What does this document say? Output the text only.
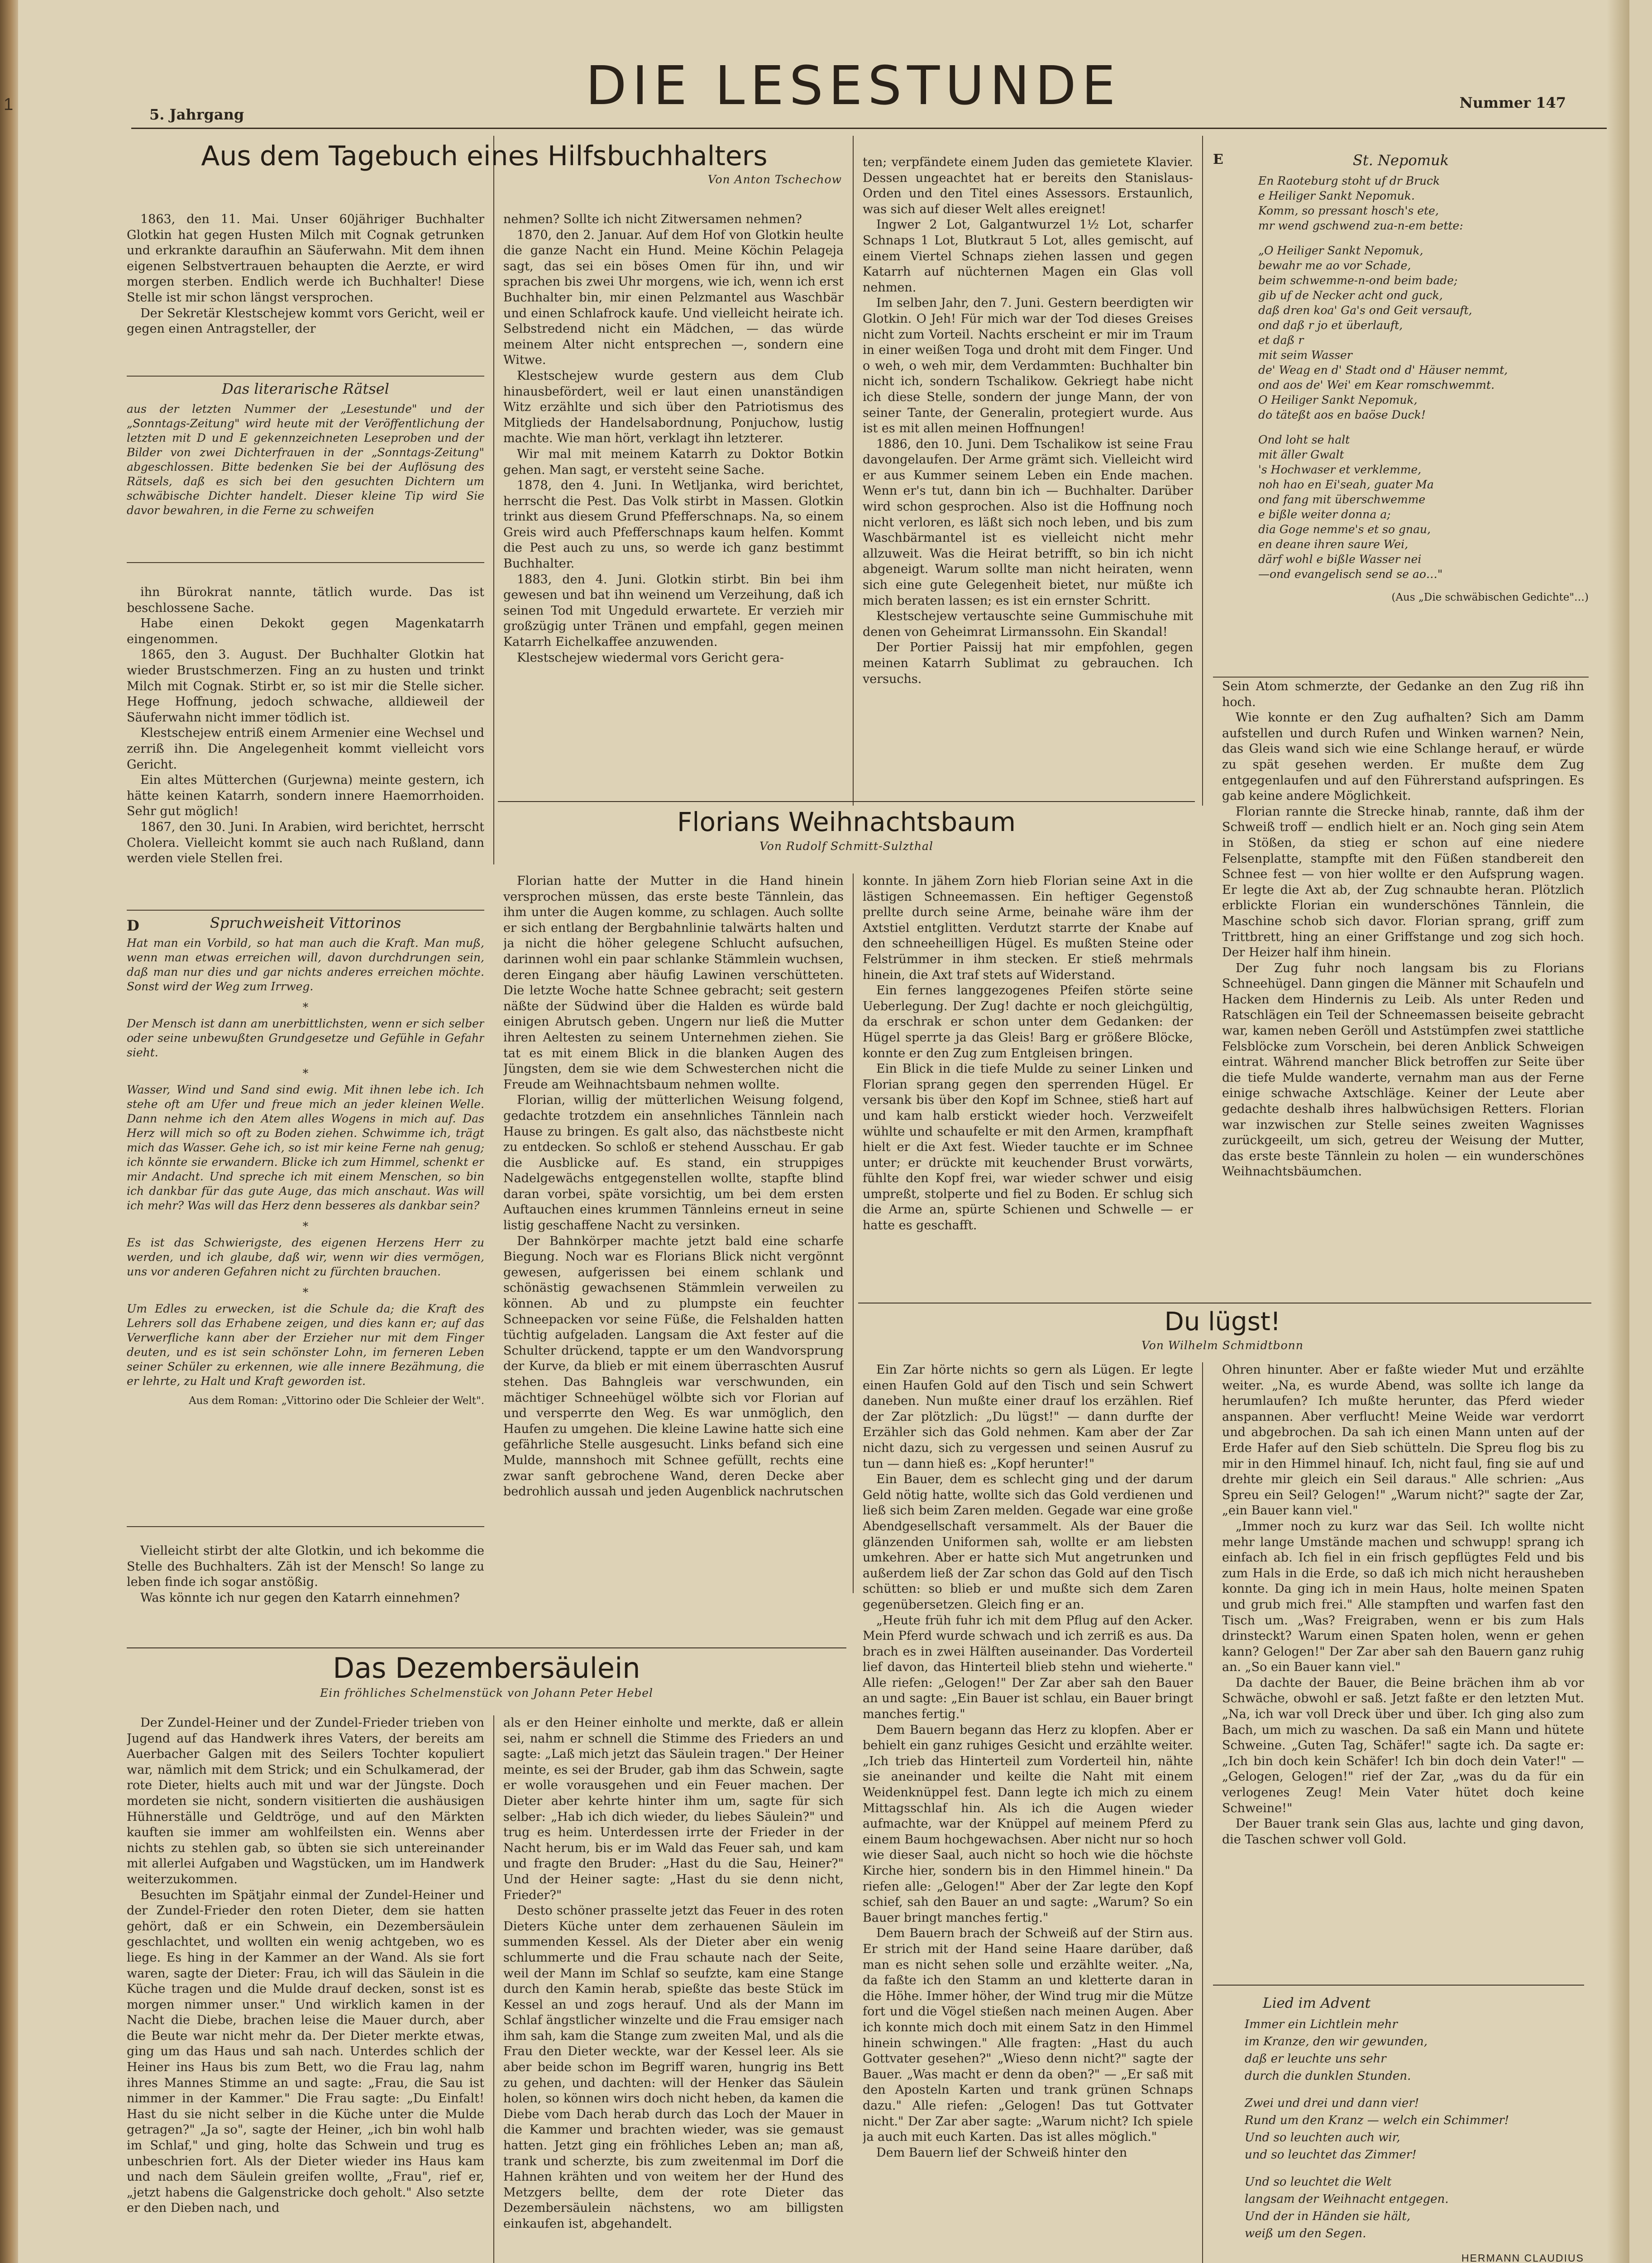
1	DIE LESESTUNDE
5. Jahrgang
Nummer 147
Aus dem Tagebuch eines Hilfsbuchhalters
Von Anton Tschechow

1863, den 11. Mai. Unser 60jähriger Buchhalter Glotkin hat gegen Husten Milch mit Cognak getrunken und erkrankte daraufhin an Säuferwahn. Mit dem ihnen eigenen Selbstvertrauen behaupten die Aerzte, er wird morgen sterben. Endlich werde ich Buchhalter! Diese Stelle ist mir schon längst versprochen.

Der Sekretär Klestschejew kommt vors Gericht, weil er gegen einen Antragsteller, der

Das literarische Rätsel
aus der letzten Nummer der „Lesestunde" und der „Sonntags-Zeitung" wird heute mit der Veröffentlichung der letzten mit D und E gekennzeichneten Leseproben und der Bilder von zwei Dichterfrauen in der „Sonntags-Zeitung" abgeschlossen. Bitte bedenken Sie bei der Auflösung des Rätsels, daß es sich bei den gesuchten Dichtern um schwäbische Dichter handelt. Dieser kleine Tip wird Sie davor bewahren, in die Ferne zu schweifen

ihn Bürokrat nannte, tätlich wurde. Das ist beschlossene Sache.

Habe einen Dekokt gegen Magenkatarrh eingenommen.

1865, den 3. August. Der Buchhalter Glotkin hat wieder Brustschmerzen. Fing an zu husten und trinkt Milch mit Cognak. Stirbt er, so ist mir die Stelle sicher. Hege Hoffnung, jedoch schwache, alldieweil der Säuferwahn nicht immer tödlich ist.

Klestschejew entriß einem Armenier eine Wechsel und zerriß ihn. Die Angelegenheit kommt vielleicht vors Gericht.

Ein altes Mütterchen (Gurjewna) meinte gestern, ich hätte keinen Katarrh, sondern innere Haemorrhoiden. Sehr gut möglich!

1867, den 30. Juni. In Arabien, wird berichtet, herrscht Cholera. Vielleicht kommt sie auch nach Rußland, dann werden viele Stellen frei.

D	Spruchweisheit Vittorinos

Hat man ein Vorbild, so hat man auch die Kraft. Man muß, wenn man etwas erreichen will, davon durchdrungen sein, daß man nur dies und gar nichts anderes erreichen möchte. Sonst wird der Weg zum Irrweg.

*

Der Mensch ist dann am unerbittlichsten, wenn er sich selber oder seine unbewußten Grundgesetze und Gefühle in Gefahr sieht.

*

Wasser, Wind und Sand sind ewig. Mit ihnen lebe ich. Ich stehe oft am Ufer und freue mich an jeder kleinen Welle. Dann nehme ich den Atem alles Wogens in mich auf. Das Herz will mich so oft zu Boden ziehen. Schwimme ich, trägt mich das Wasser. Gehe ich, so ist mir keine Ferne nah genug; ich könnte sie erwandern. Blicke ich zum Himmel, schenkt er mir Andacht. Und spreche ich mit einem Menschen, so bin ich dankbar für das gute Auge, das mich anschaut. Was will ich mehr? Was will das Herz denn besseres als dankbar sein?

*

Es ist das Schwierigste, des eigenen Herzens Herr zu werden, und ich glaube, daß wir, wenn wir dies vermögen, uns vor anderen Gefahren nicht zu fürchten brauchen.

*

Um Edles zu erwecken, ist die Schule da; die Kraft des Lehrers soll das Erhabene zeigen, und dies kann er; auf das Verwerfliche kann aber der Erzieher nur mit dem Finger deuten, und es ist sein schönster Lohn, im ferneren Leben seiner Schüler zu erkennen, wie alle innere Bezähmung, die er lehrte, zu Halt und Kraft geworden ist.

Aus dem Roman: „Vittorino oder Die Schleier der Welt".

Vielleicht stirbt der alte Glotkin, und ich bekomme die Stelle des Buchhalters. Zäh ist der Mensch! So lange zu leben finde ich sogar anstößig.

Was könnte ich nur gegen den Katarrh einnehmen?

nehmen? Sollte ich nicht Zitwersamen nehmen?

1870, den 2. Januar. Auf dem Hof von Glotkin heulte die ganze Nacht ein Hund. Meine Köchin Pelageja sagt, das sei ein böses Omen für ihn, und wir sprachen bis zwei Uhr morgens, wie ich, wenn ich erst Buchhalter bin, mir einen Pelzmantel aus Waschbär und einen Schlafrock kaufe. Und vielleicht heirate ich. Selbstredend nicht ein Mädchen, — das würde meinem Alter nicht entsprechen —, sondern eine Witwe.

Klestschejew wurde gestern aus dem Club hinausbefördert, weil er laut einen unanständigen Witz erzählte und sich über den Patriotismus des Mitglieds der Handelsabordnung, Ponjuchow, lustig machte. Wie man hört, verklagt ihn letzterer.

Wir mal mit meinem Katarrh zu Doktor Botkin gehen. Man sagt, er versteht seine Sache.

1878, den 4. Juni. In Wetljanka, wird berichtet, herrscht die Pest. Das Volk stirbt in Massen. Glotkin trinkt aus diesem Grund Pfefferschnaps. Na, so einem Greis wird auch Pfefferschnaps kaum helfen. Kommt die Pest auch zu uns, so werde ich ganz bestimmt Buchhalter.

1883, den 4. Juni. Glotkin stirbt. Bin bei ihm gewesen und bat ihn weinend um Verzeihung, daß ich seinen Tod mit Ungeduld erwartete. Er verzieh mir großzügig unter Tränen und empfahl, gegen meinen Katarrh Eichelkaffee anzuwenden.

Klestschejew wiedermal vors Gericht gera-

ten; verpfändete einem Juden das gemietete Klavier. Dessen ungeachtet hat er bereits den Stanislaus-Orden und den Titel eines Assessors. Erstaunlich, was sich auf dieser Welt alles ereignet!

Ingwer 2 Lot, Galgantwurzel 1½ Lot, scharfer Schnaps 1 Lot, Blutkraut 5 Lot, alles gemischt, auf einem Viertel Schnaps ziehen lassen und gegen Katarrh auf nüchternen Magen ein Glas voll nehmen.

Im selben Jahr, den 7. Juni. Gestern beerdigten wir Glotkin. O Jeh! Für mich war der Tod dieses Greises nicht zum Vorteil. Nachts erscheint er mir im Traum in einer weißen Toga und droht mit dem Finger. Und o weh, o weh mir, dem Verdammten: Buchhalter bin nicht ich, sondern Tschalikow. Gekriegt habe nicht ich diese Stelle, sondern der junge Mann, der von seiner Tante, der Generalin, protegiert wurde. Aus ist es mit allen meinen Hoffnungen!

1886, den 10. Juni. Dem Tschalikow ist seine Frau davongelaufen. Der Arme grämt sich. Vielleicht wird er aus Kummer seinem Leben ein Ende machen. Wenn er's tut, dann bin ich — Buchhalter. Darüber wird schon gesprochen. Also ist die Hoffnung noch nicht verloren, es läßt sich noch leben, und bis zum Waschbärmantel ist es vielleicht nicht mehr allzuweit. Was die Heirat betrifft, so bin ich nicht abgeneigt. Warum sollte man nicht heiraten, wenn sich eine gute Gelegenheit bietet, nur müßte ich mich beraten lassen; es ist ein ernster Schritt.

Klestschejew vertauschte seine Gummischuhe mit denen von Geheimrat Lirmanssohn. Ein Skandal!

Der Portier Paissij hat mir empfohlen, gegen meinen Katarrh Sublimat zu gebrauchen. Ich versuchs.

E	St. Nepomuk
En Raoteburg stoht uf dr Bruck
e Heiliger Sankt Nepomuk.
Komm, so pressant hosch's ete,
mr wend gschwend zua-n-em bette:
„O Heiliger Sankt Nepomuk,
bewahr me ao vor Schade,
beim schwemme-n-ond beim bade;
gib uf de Necker acht ond guck,
daß dren koa' Ga's ond Geit versauft,
ond daß r jo et überlauft,
et daß r
mit seim Wasser
de' Weag en d' Stadt ond d' Häuser nemmt,
ond aos de' Wei' em Kear romschwemmt.
O Heiliger Sankt Nepomuk,
do täteßt aos en baöse Duck!
Ond loht se halt
mit äller Gwalt
's Hochwaser et verklemme,
noh hao en Ei'seah, guater Ma
ond fang mit überschwemme
e bißle weiter donna a;
dia Goge nemme's et so gnau,
en deane ihren saure Wei,
därf wohl e bißle Wasser nei
—ond evangelisch send se ao…"
(Aus „Die schwäbischen Gedichte"…)
Florians Weihnachtsbaum
Von Rudolf Schmitt-Sulzthal

Florian hatte der Mutter in die Hand hinein versprochen müssen, das erste beste Tännlein, das ihm unter die Augen komme, zu schlagen. Auch sollte er sich entlang der Bergbahnlinie talwärts halten und ja nicht die höher gelegene Schlucht aufsuchen, darinnen wohl ein paar schlanke Stämmlein wuchsen, deren Eingang aber häufig Lawinen verschütteten. Die letzte Woche hatte Schnee gebracht; seit gestern näßte der Südwind über die Halden es würde bald einigen Abrutsch geben. Ungern nur ließ die Mutter ihren Aeltesten zu seinem Unternehmen ziehen. Sie tat es mit einem Blick in die blanken Augen des Jüngsten, dem sie wie dem Schwesterchen nicht die Freude am Weihnachtsbaum nehmen wollte.

Florian, willig der mütterlichen Weisung folgend, gedachte trotzdem ein ansehnliches Tännlein nach Hause zu bringen. Es galt also, das nächstbeste nicht zu entdecken. So schloß er stehend Ausschau. Er gab die Ausblicke auf. Es stand, ein struppiges Nadelgewächs entgegenstellen wollte, stapfte blind daran vorbei, späte vorsichtig, um bei dem ersten Auftauchen eines krummen Tännleins erneut in seine listig geschaffene Nacht zu versinken.

Der Bahnkörper machte jetzt bald eine scharfe Biegung. Noch war es Florians Blick nicht vergönnt gewesen, aufgerissen bei einem schlank und schönästig gewachsenen Stämmlein verweilen zu können. Ab und zu plumpste ein feuchter Schneepacken vor seine Füße, die Felshalden hatten tüchtig aufgeladen. Langsam die Axt fester auf die Schulter drückend, tappte er um den Wandvorsprung der Kurve, da blieb er mit einem überraschten Ausruf stehen. Das Bahngleis war verschwunden, ein mächtiger Schneehügel wölbte sich vor Florian auf und versperrte den Weg. Es war unmöglich, den Haufen zu umgehen. Die kleine Lawine hatte sich eine gefährliche Stelle ausgesucht. Links befand sich eine Mulde, mannshoch mit Schnee gefüllt, rechts eine zwar sanft gebrochene Wand, deren Decke aber bedrohlich aussah und jeden Augenblick nachrutschen

konnte. In jähem Zorn hieb Florian seine Axt in die lästigen Schneemassen. Ein heftiger Gegenstoß prellte durch seine Arme, beinahe wäre ihm der Axtstiel entglitten. Verdutzt starrte der Knabe auf den schneeheilligen Hügel. Es mußten Steine oder Felstrümmer in ihm stecken. Er stieß mehrmals hinein, die Axt traf stets auf Widerstand.

Ein fernes langgezogenes Pfeifen störte seine Ueberlegung. Der Zug! dachte er noch gleichgültig, da erschrak er schon unter dem Gedanken: der Hügel sperrte ja das Gleis! Barg er größere Blöcke, konnte er den Zug zum Entgleisen bringen.

Ein Blick in die tiefe Mulde zu seiner Linken und Florian sprang gegen den sperrenden Hügel. Er versank bis über den Kopf im Schnee, stieß hart auf und kam halb erstickt wieder hoch. Verzweifelt wühlte und schaufelte er mit den Armen, krampfhaft hielt er die Axt fest. Wieder tauchte er im Schnee unter; er drückte mit keuchender Brust vorwärts, fühlte den Kopf frei, war wieder schwer und eisig umpreßt, stolperte und fiel zu Boden. Er schlug sich die Arme an, spürte Schienen und Schwelle — er hatte es geschafft.

Sein Atom schmerzte, der Gedanke an den Zug riß ihn hoch.

Wie konnte er den Zug aufhalten? Sich am Damm aufstellen und durch Rufen und Winken warnen? Nein, das Gleis wand sich wie eine Schlange herauf, er würde zu spät gesehen werden. Er mußte dem Zug entgegenlaufen und auf den Führerstand aufspringen. Es gab keine andere Möglichkeit.

Florian rannte die Strecke hinab, rannte, daß ihm der Schweiß troff — endlich hielt er an. Noch ging sein Atem in Stößen, da stieg er schon auf eine niedere Felsenplatte, stampfte mit den Füßen standbereit den Schnee fest — von hier wollte er den Aufsprung wagen. Er legte die Axt ab, der Zug schnaubte heran. Plötzlich erblickte Florian ein wunderschönes Tännlein, die Maschine schob sich davor. Florian sprang, griff zum Trittbrett, hing an einer Griffstange und zog sich hoch. Der Heizer half ihm hinein.

Der Zug fuhr noch langsam bis zu Florians Schneehügel. Dann gingen die Männer mit Schaufeln und Hacken dem Hindernis zu Leib. Als unter Reden und Ratschlägen ein Teil der Schneemassen beiseite gebracht war, kamen neben Geröll und Aststümpfen zwei stattliche Felsblöcke zum Vorschein, bei deren Anblick Schweigen eintrat. Während mancher Blick betroffen zur Seite über die tiefe Mulde wanderte, vernahm man aus der Ferne einige schwache Axtschläge. Keiner der Leute aber gedachte deshalb ihres halbwüchsigen Retters. Florian war inzwischen zur Stelle seines zweiten Wagnisses zurückgeeilt, um sich, getreu der Weisung der Mutter, das erste beste Tännlein zu holen — ein wunderschönes Weihnachtsbäumchen.

Du lügst!
Von Wilhelm Schmidtbonn

Ein Zar hörte nichts so gern als Lügen. Er legte einen Haufen Gold auf den Tisch und sein Schwert daneben. Nun mußte einer drauf los erzählen. Rief der Zar plötzlich: „Du lügst!" — dann durfte der Erzähler sich das Gold nehmen. Kam aber der Zar nicht dazu, sich zu vergessen und seinen Ausruf zu tun — dann hieß es: „Kopf herunter!"

Ein Bauer, dem es schlecht ging und der darum Geld nötig hatte, wollte sich das Gold verdienen und ließ sich beim Zaren melden. Gegade war eine große Abendgesellschaft versammelt. Als der Bauer die glänzenden Uniformen sah, wollte er am liebsten umkehren. Aber er hatte sich Mut angetrunken und außerdem ließ der Zar schon das Gold auf den Tisch schütten: so blieb er und mußte sich dem Zaren gegenübersetzen. Gleich fing er an.

„Heute früh fuhr ich mit dem Pflug auf den Acker. Mein Pferd wurde schwach und ich zerriß es aus. Da brach es in zwei Hälften auseinander. Das Vorderteil lief davon, das Hinterteil blieb stehn und wieherte." Alle riefen: „Gelogen!" Der Zar aber sah den Bauer an und sagte: „Ein Bauer ist schlau, ein Bauer bringt manches fertig."

Dem Bauern begann das Herz zu klopfen. Aber er behielt ein ganz ruhiges Gesicht und erzählte weiter. „Ich trieb das Hinterteil zum Vorderteil hin, nähte sie aneinander und keilte die Naht mit einem Weidenknüppel fest. Dann legte ich mich zu einem Mittagsschlaf hin. Als ich die Augen wieder aufmachte, war der Knüppel auf meinem Pferd zu einem Baum hochgewachsen. Aber nicht nur so hoch wie dieser Saal, auch nicht so hoch wie die höchste Kirche hier, sondern bis in den Himmel hinein." Da riefen alle: „Gelogen!" Aber der Zar legte den Kopf schief, sah den Bauer an und sagte: „Warum? So ein Bauer bringt manches fertig."

Dem Bauern brach der Schweiß auf der Stirn aus. Er strich mit der Hand seine Haare darüber, daß man es nicht sehen solle und erzählte weiter. „Na, da faßte ich den Stamm an und kletterte daran in die Höhe. Immer höher, der Wind trug mir die Mütze fort und die Vögel stießen nach meinen Augen. Aber ich konnte mich doch mit einem Satz in den Himmel hinein schwingen." Alle fragten: „Hast du auch Gottvater gesehen?" „Wieso denn nicht?" sagte der Bauer. „Was macht er denn da oben?" — „Er saß mit den Aposteln Karten und trank grünen Schnaps dazu." Alle riefen: „Gelogen! Das tut Gottvater nicht." Der Zar aber sagte: „Warum nicht? Ich spiele ja auch mit euch Karten. Das ist alles möglich."

Dem Bauern lief der Schweiß hinter den

Ohren hinunter. Aber er faßte wieder Mut und erzählte weiter. „Na, es wurde Abend, was sollte ich lange da herumlaufen? Ich mußte herunter, das Pferd wieder anspannen. Aber verflucht! Meine Weide war verdorrt und abgebrochen. Da sah ich einen Mann unten auf der Erde Hafer auf den Sieb schütteln. Die Spreu flog bis zu mir in den Himmel hinauf. Ich, nicht faul, fing sie auf und drehte mir gleich ein Seil daraus." Alle schrien: „Aus Spreu ein Seil? Gelogen!" „Warum nicht?" sagte der Zar, „ein Bauer kann viel."

„Immer noch zu kurz war das Seil. Ich wollte nicht mehr lange Umstände machen und schwupp! sprang ich einfach ab. Ich fiel in ein frisch gepflügtes Feld und bis zum Hals in die Erde, so daß ich mich nicht herausheben konnte. Da ging ich in mein Haus, holte meinen Spaten und grub mich frei." Alle stampften und warfen fast den Tisch um. „Was? Freigraben, wenn er bis zum Hals drinsteckt? Warum einen Spaten holen, wenn er gehen kann? Gelogen!" Der Zar aber sah den Bauern ganz ruhig an. „So ein Bauer kann viel."

Da dachte der Bauer, die Beine brächen ihm ab vor Schwäche, obwohl er saß. Jetzt faßte er den letzten Mut. „Na, ich war voll Dreck über und über. Ich ging also zum Bach, um mich zu waschen. Da saß ein Mann und hütete Schweine. „Guten Tag, Schäfer!" sagte ich. Da sagte er: „Ich bin doch kein Schäfer! Ich bin doch dein Vater!" — „Gelogen, Gelogen!" rief der Zar, „was du da für ein verlogenes Zeug! Mein Vater hütet doch keine Schweine!"

Der Bauer trank sein Glas aus, lachte und ging davon, die Taschen schwer voll Gold.

Lied im Advent
Immer ein Lichtlein mehr
im Kranze, den wir gewunden,
daß er leuchte uns sehr
durch die dunklen Stunden.
Zwei und drei und dann vier!
Rund um den Kranz — welch ein Schimmer!
Und so leuchten auch wir,
und so leuchtet das Zimmer!
Und so leuchtet die Welt
langsam der Weihnacht entgegen.
Und der in Händen sie hält,
weiß um den Segen.
HERMANN CLAUDIUS
Das Dezembersäulein
Ein fröhliches Schelmenstück von Johann Peter Hebel

Der Zundel-Heiner und der Zundel-Frieder trieben von Jugend auf das Handwerk ihres Vaters, der bereits am Auerbacher Galgen mit des Seilers Tochter kopuliert war, nämlich mit dem Strick; und ein Schulkamerad, der rote Dieter, hielts auch mit und war der Jüngste. Doch mordeten sie nicht, sondern visitierten die aushäusigen Hühnerställe und Geldtröge, und auf den Märkten kauften sie immer am wohlfeilsten ein. Wenns aber nichts zu stehlen gab, so übten sie sich untereinander mit allerlei Aufgaben und Wagstücken, um im Handwerk weiterzukommen.

Besuchten im Spätjahr einmal der Zundel-Heiner und der Zundel-Frieder den roten Dieter, dem sie hatten gehört, daß er ein Schwein, ein Dezembersäulein geschlachtet, und wollten ein wenig achtgeben, wo es liege. Es hing in der Kammer an der Wand. Als sie fort waren, sagte der Dieter: Frau, ich will das Säulein in die Küche tragen und die Mulde drauf decken, sonst ist es morgen nimmer unser." Und wirklich kamen in der Nacht die Diebe, brachen leise die Mauer durch, aber die Beute war nicht mehr da. Der Dieter merkte etwas, ging um das Haus und sah nach. Unterdes schlich der Heiner ins Haus bis zum Bett, wo die Frau lag, nahm ihres Mannes Stimme an und sagte: „Frau, die Sau ist nimmer in der Kammer." Die Frau sagte: „Du Einfalt! Hast du sie nicht selber in die Küche unter die Mulde getragen?" „Ja so", sagte der Heiner, „ich bin wohl halb im Schlaf," und ging, holte das Schwein und trug es unbeschrien fort. Als der Dieter wieder ins Haus kam und nach dem Säulein greifen wollte, „Frau", rief er, „jetzt habens die Galgenstricke doch geholt." Also setzte er den Dieben nach, und

als er den Heiner einholte und merkte, daß er allein sei, nahm er schnell die Stimme des Frieders an und sagte: „Laß mich jetzt das Säulein tragen." Der Heiner meinte, es sei der Bruder, gab ihm das Schwein, sagte er wolle vorausgehen und ein Feuer machen. Der Dieter aber kehrte hinter ihm um, sagte für sich selber: „Hab ich dich wieder, du liebes Säulein?" und trug es heim. Unterdessen irrte der Frieder in der Nacht herum, bis er im Wald das Feuer sah, und kam und fragte den Bruder: „Hast du die Sau, Heiner?" Und der Heiner sagte: „Hast du sie denn nicht, Frieder?"

Desto schöner prasselte jetzt das Feuer in des roten Dieters Küche unter dem zerhauenen Säulein im summenden Kessel. Als der Dieter aber ein wenig schlummerte und die Frau schaute nach der Seite, weil der Mann im Schlaf so seufzte, kam eine Stange durch den Kamin herab, spießte das beste Stück im Kessel an und zogs herauf. Und als der Mann im Schlaf ängstlicher winzelte und die Frau emsiger nach ihm sah, kam die Stange zum zweiten Mal, und als die Frau den Dieter weckte, war der Kessel leer. Als sie aber beide schon im Begriff waren, hungrig ins Bett zu gehen, und dachten: will der Henker das Säulein holen, so können wirs doch nicht heben, da kamen die Diebe vom Dach herab durch das Loch der Mauer in die Kammer und brachten wieder, was sie gemaust hatten. Jetzt ging ein fröhliches Leben an; man aß, trank und scherzte, bis zum zweitenmal im Dorf die Hahnen krähten und von weitem her der Hund des Metzgers bellte, dem der rote Dieter das Dezembersäulein nächstens, wo am billigsten einkaufen ist, abgehandelt.
